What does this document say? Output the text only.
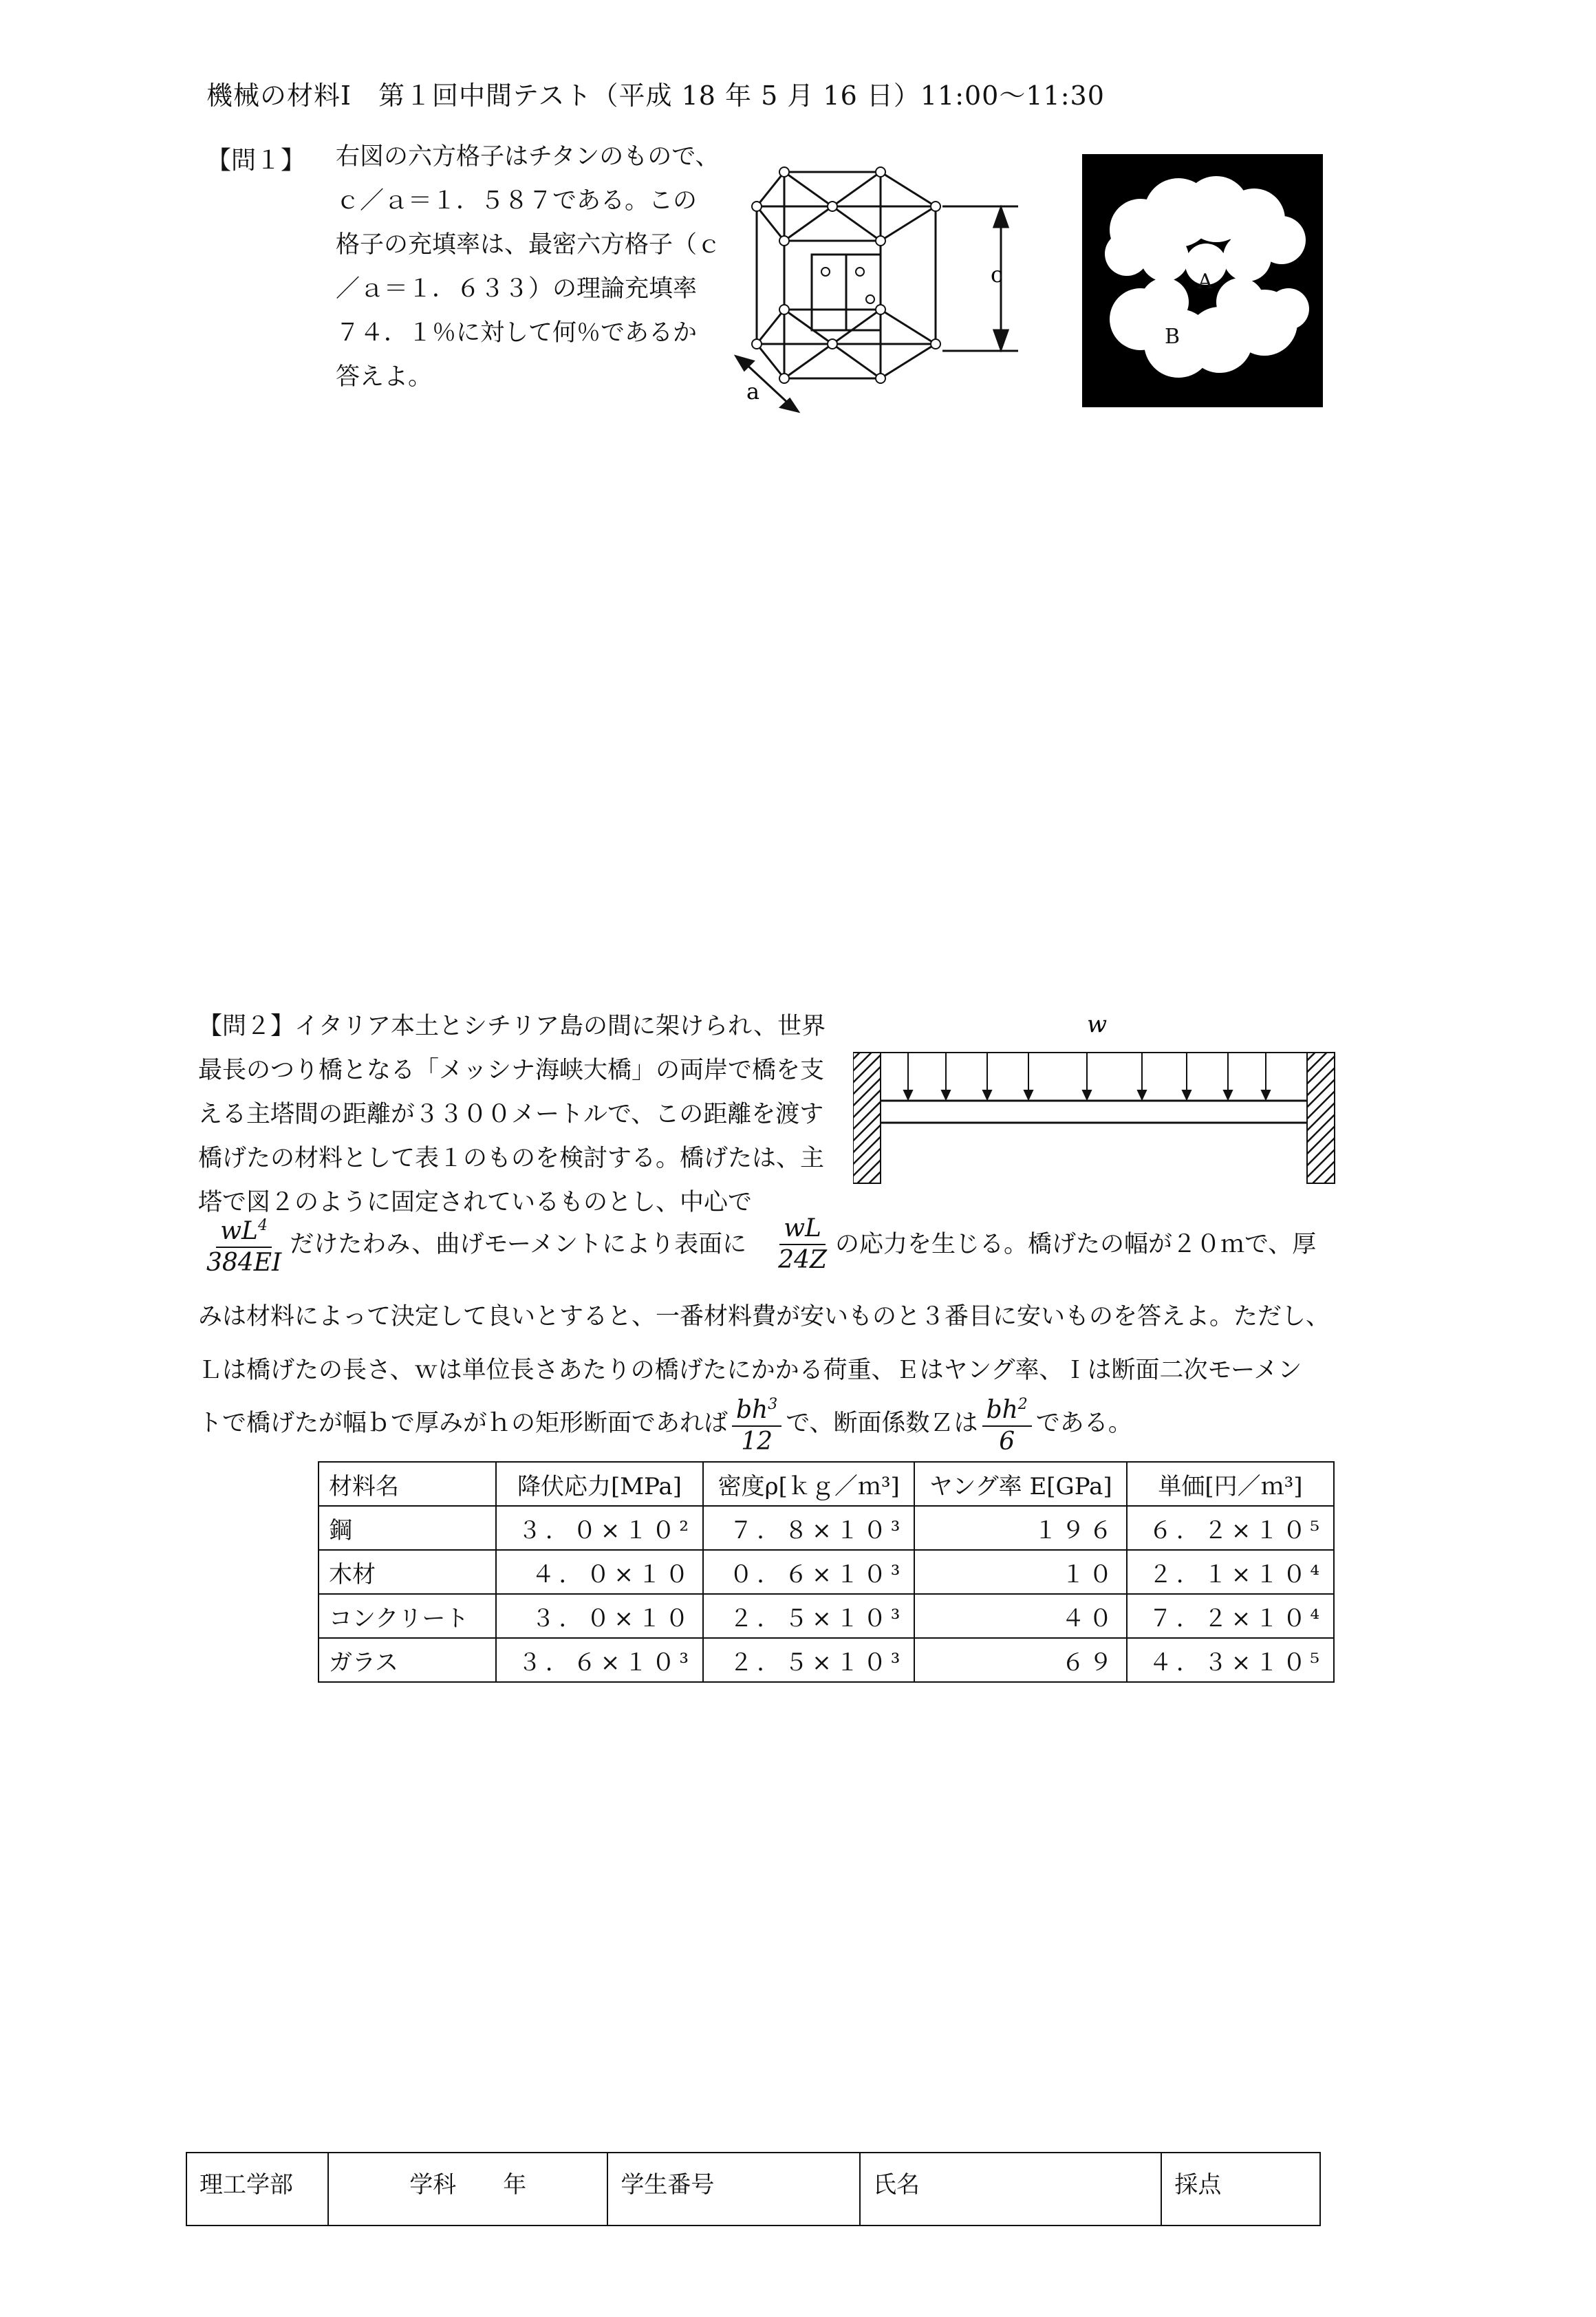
機械の材料Ⅰ　第１回中間テスト（平成 18 年 5 月 16 日）11:00〜11:30
【問１】 右図の六方格子はチタンのもので、
ｃ／ａ＝１．５８７である。この
格子の充填率は、最密六方格子（ｃ
／ａ＝１．６３３）の理論充填率
７４．１％に対して何％であるか
答えよ。
c
a
A
B
【問２】イタリア本土とシチリア島の間に架けられ、世界
最長のつり橋となる「メッシナ海峡大橋」の両岸で橋を支
える主塔間の距離が３３００メートルで、この距離を渡す
橋げたの材料として表１のものを検討する。橋げたは、主
塔で図２のように固定されているものとし、中心で
w
$\frac{wL^4}{384EI}$ だけたわみ、曲げモーメントにより表面に $\frac{wL}{24Z}$ の応力を生じる。橋げたの幅が２０ｍで、厚
みは材料によって決定して良いとすると、一番材料費が安いものと３番目に安いものを答えよ。ただし、
Ｌは橋げたの長さ、ｗは単位長さあたりの橋げたにかかる荷重、Ｅはヤング率、Ｉは断面二次モーメン
トで橋げたが幅ｂで厚みがｈの矩形断面であれば $\frac{bh^3}{12}$ で、断面係数Ｚは $\frac{bh^2}{6}$ である。
材料名	降伏応力[MPa]	密度ρ[ｋｇ／ｍ³]	ヤング率 E[GPa]	単価[円／ｍ³]
鋼	３．０×１０²	７．８×１０³	１９６	６．２×１０⁵
木材	４．０×１０	０．６×１０³	１０	２．１×１０⁴
コンクリート	３．０×１０	２．５×１０³	４０	７．２×１０⁴
ガラス	３．６×１０³	２．５×１０³	６９	４．３×１０⁵
理工学部	学科　　年	学生番号	氏名	採点
